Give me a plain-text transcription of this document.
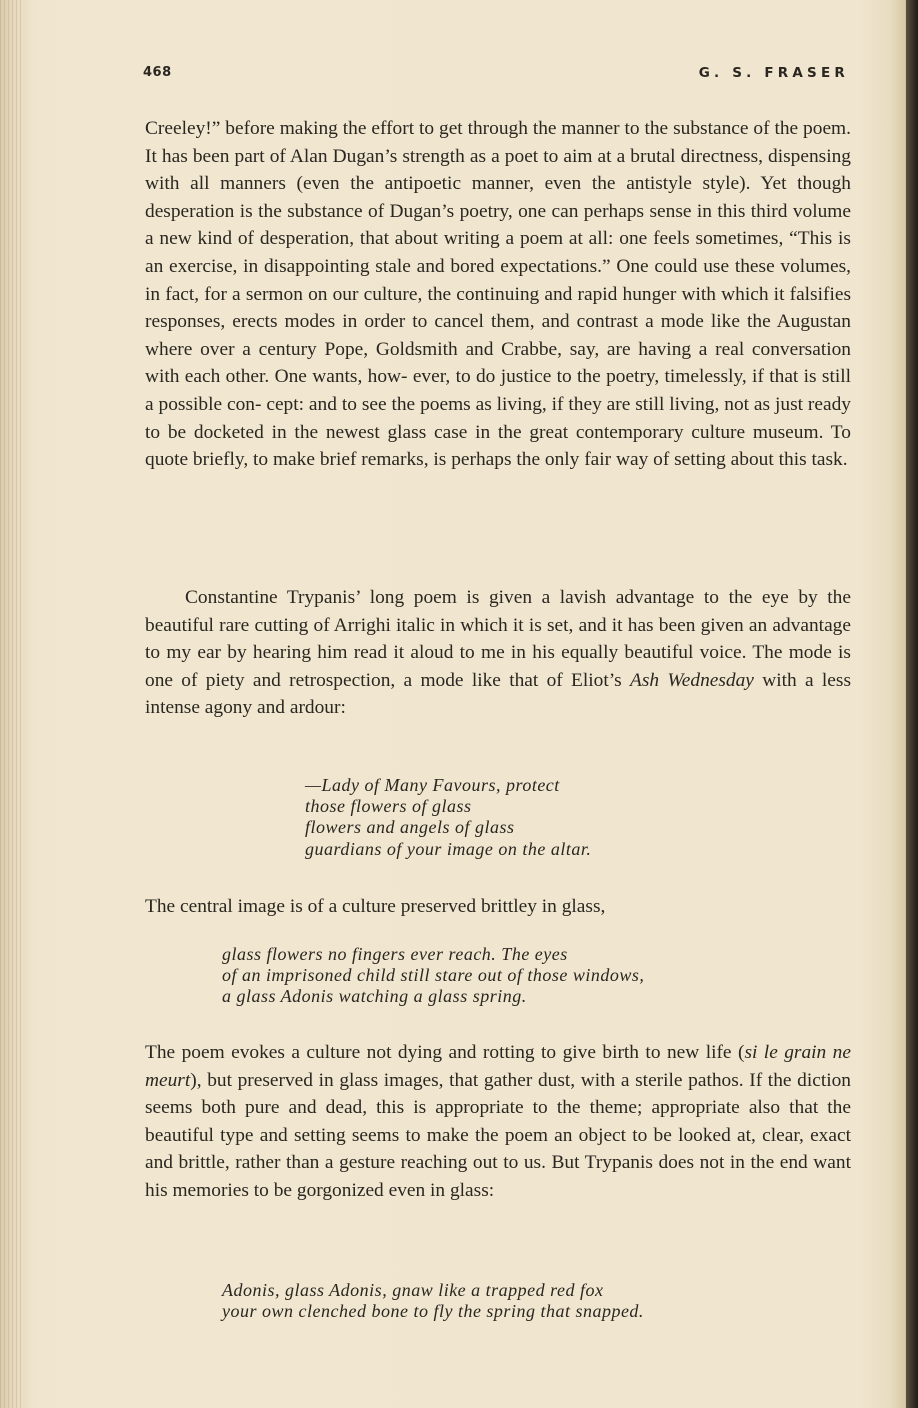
468	G. S. FRASER

Creeley!” before making the effort to get through the manner to the substance of the poem. It has been part of Alan Dugan’s strength as a poet to aim at a brutal directness, dispensing with all manners (even the antipoetic manner, even the antistyle style). Yet though desperation is the substance of Dugan’s poetry, one can perhaps sense in this third volume a new kind of desperation, that about writing a poem at all: one feels sometimes, “This is an exercise, in disappointing stale and bored expectations.” One could use these volumes, in fact, for a sermon on our culture, the continuing and rapid hunger with which it falsifies responses, erects modes in order to cancel them, and contrast a mode like the Augustan where over a century Pope, Goldsmith and Crabbe, say, are having a real conversation with each other. One wants, how- ever, to do justice to the poetry, timelessly, if that is still a possible con- cept: and to see the poems as living, if they are still living, not as just ready to be docketed in the newest glass case in the great contemporary culture museum. To quote briefly, to make brief remarks, is perhaps the only fair way of setting about this task.

Constantine Trypanis’ long poem is given a lavish advantage to the eye by the beautiful rare cutting of Arrighi italic in which it is set, and it has been given an advantage to my ear by hearing him read it aloud to me in his equally beautiful voice. The mode is one of piety and retrospection, a mode like that of Eliot’s Ash Wednesday with a less intense agony and ardour:

—Lady of Many Favours, protect
those flowers of glass
flowers and angels of glass
guardians of your image on the altar.

The central image is of a culture preserved brittley in glass,

glass flowers no fingers ever reach. The eyes
of an imprisoned child still stare out of those windows,
a glass Adonis watching a glass spring.

The poem evokes a culture not dying and rotting to give birth to new life (si le grain ne meurt), but preserved in glass images, that gather dust, with a sterile pathos. If the diction seems both pure and dead, this is appropriate to the theme; appropriate also that the beautiful type and setting seems to make the poem an object to be looked at, clear, exact and brittle, rather than a gesture reaching out to us. But Trypanis does not in the end want his memories to be gorgonized even in glass:

Adonis, glass Adonis, gnaw like a trapped red fox
your own clenched bone to fly the spring that snapped.
